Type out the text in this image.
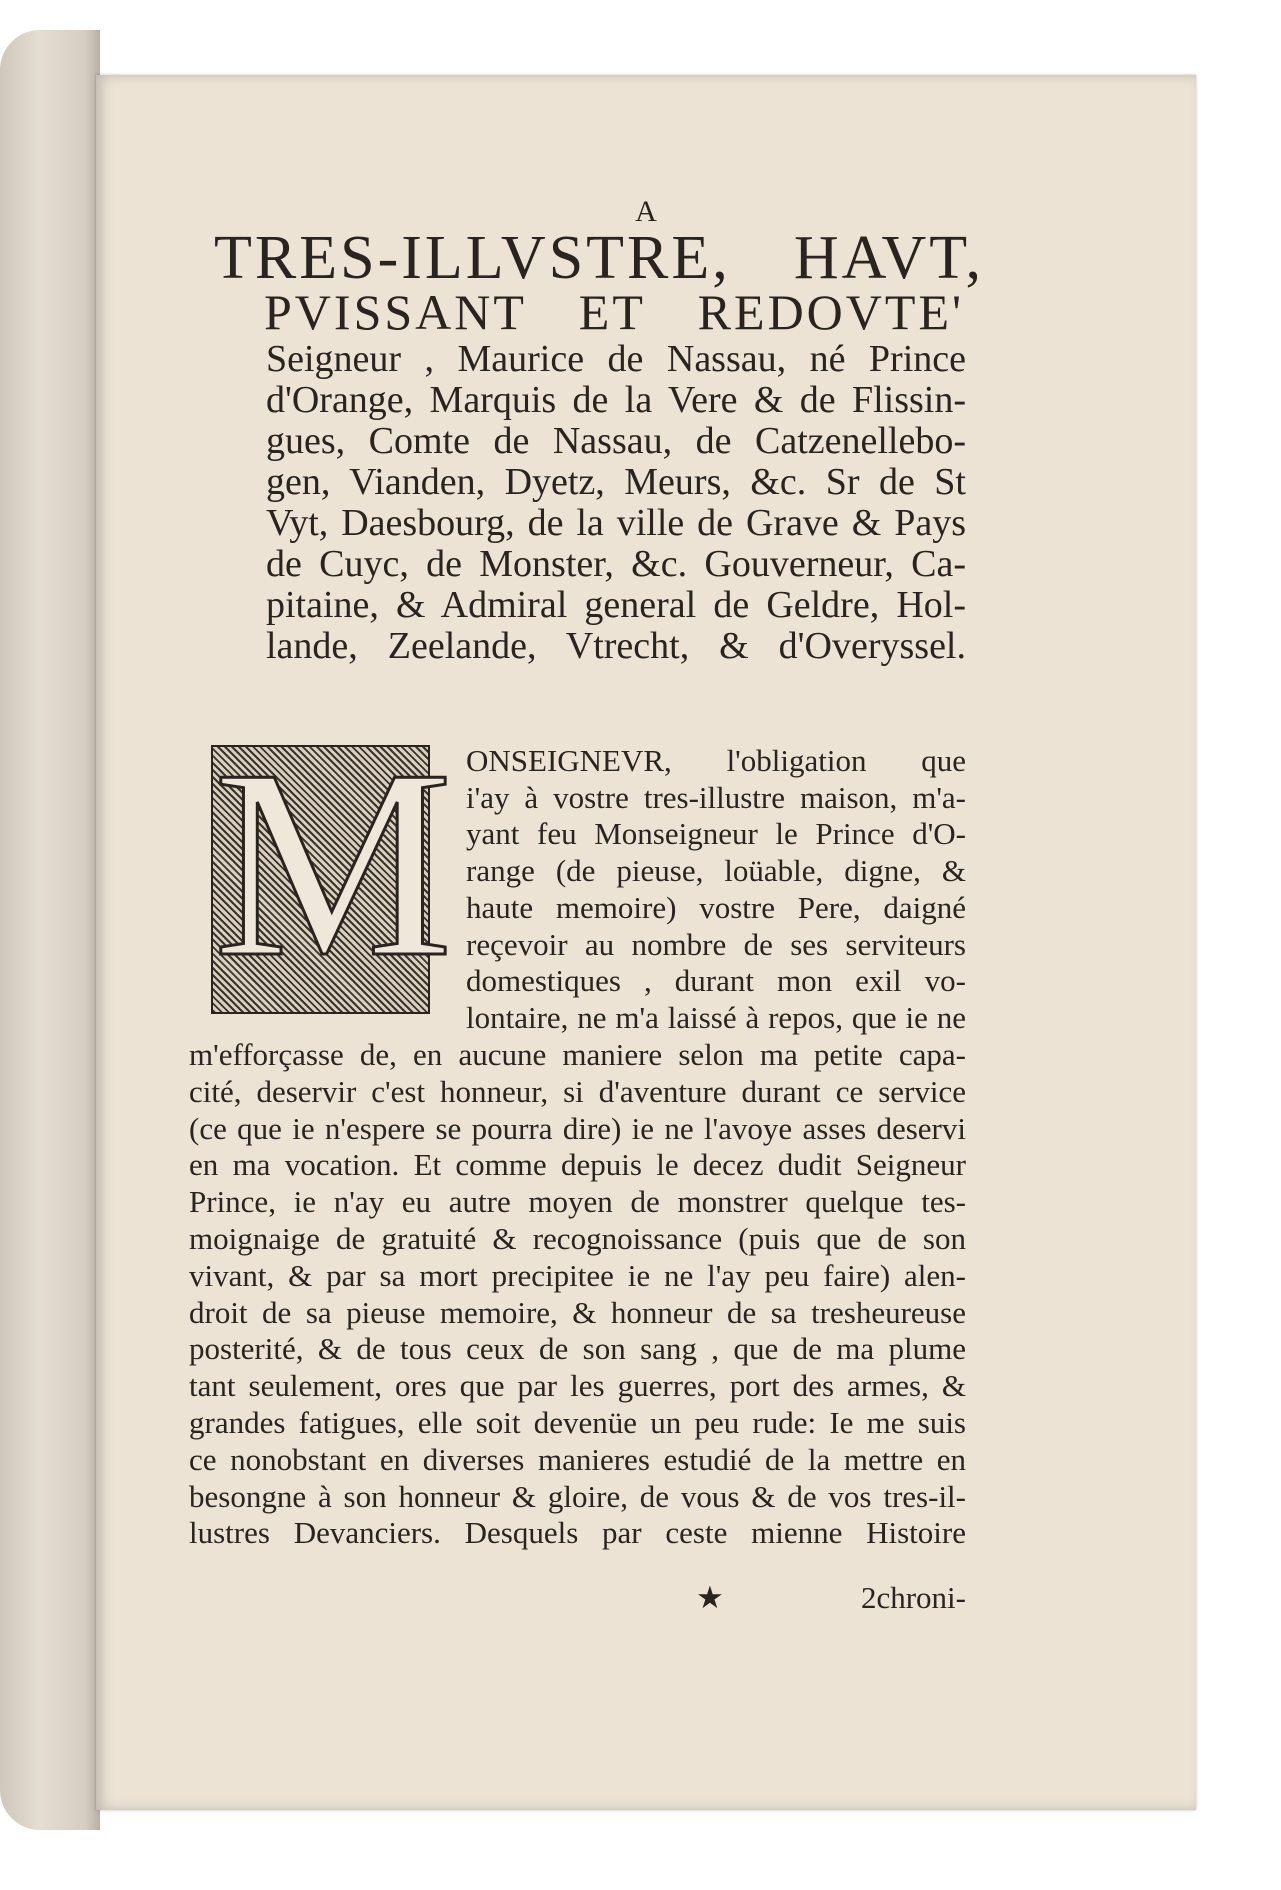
A
TRES-ILLVSTRE, HAVT,
PVISSANT ET REDOVTE'
Seigneur , Maurice de Nassau, né Prince
d'Orange, Marquis de la Vere & de Flissin-
gues, Comte de Nassau, de Catzenellebo-
gen, Vianden, Dyetz, Meurs, &c. Sr de St
Vyt, Daesbourg, de la ville de Grave & Pays
de Cuyc, de Monster, &c. Gouverneur, Ca-
pitaine, & Admiral general de Geldre, Hol-
lande, Zeelande, Vtrecht, & d'Overyssel.
M ONSEIGNEVR, l'obligation que
i'ay à vostre tres-illustre maison, m'a-
yant feu Monseigneur le Prince d'O-
range (de pieuse, loüable, digne, &
haute memoire) vostre Pere, daigné
reçevoir au nombre de ses serviteurs
domestiques , durant mon exil vo-
lontaire, ne m'a laissé à repos, que ie ne
m'efforçasse de, en aucune maniere selon ma petite capa-
cité, deservir c'est honneur, si d'aventure durant ce service
(ce que ie n'espere se pourra dire) ie ne l'avoye asses deservi
en ma vocation. Et comme depuis le decez dudit Seigneur
Prince, ie n'ay eu autre moyen de monstrer quelque tes-
moignaige de gratuité & recognoissance (puis que de son
vivant, & par sa mort precipitee ie ne l'ay peu faire) alen-
droit de sa pieuse memoire, & honneur de sa tresheureuse
posterité, & de tous ceux de son sang , que de ma plume
tant seulement, ores que par les guerres, port des armes, &
grandes fatigues, elle soit devenüe un peu rude: Ie me suis
ce nonobstant en diverses manieres estudié de la mettre en
besongne à son honneur & gloire, de vous & de vos tres-il-
lustres Devanciers. Desquels par ceste mienne Histoire
★ 2chroni-
